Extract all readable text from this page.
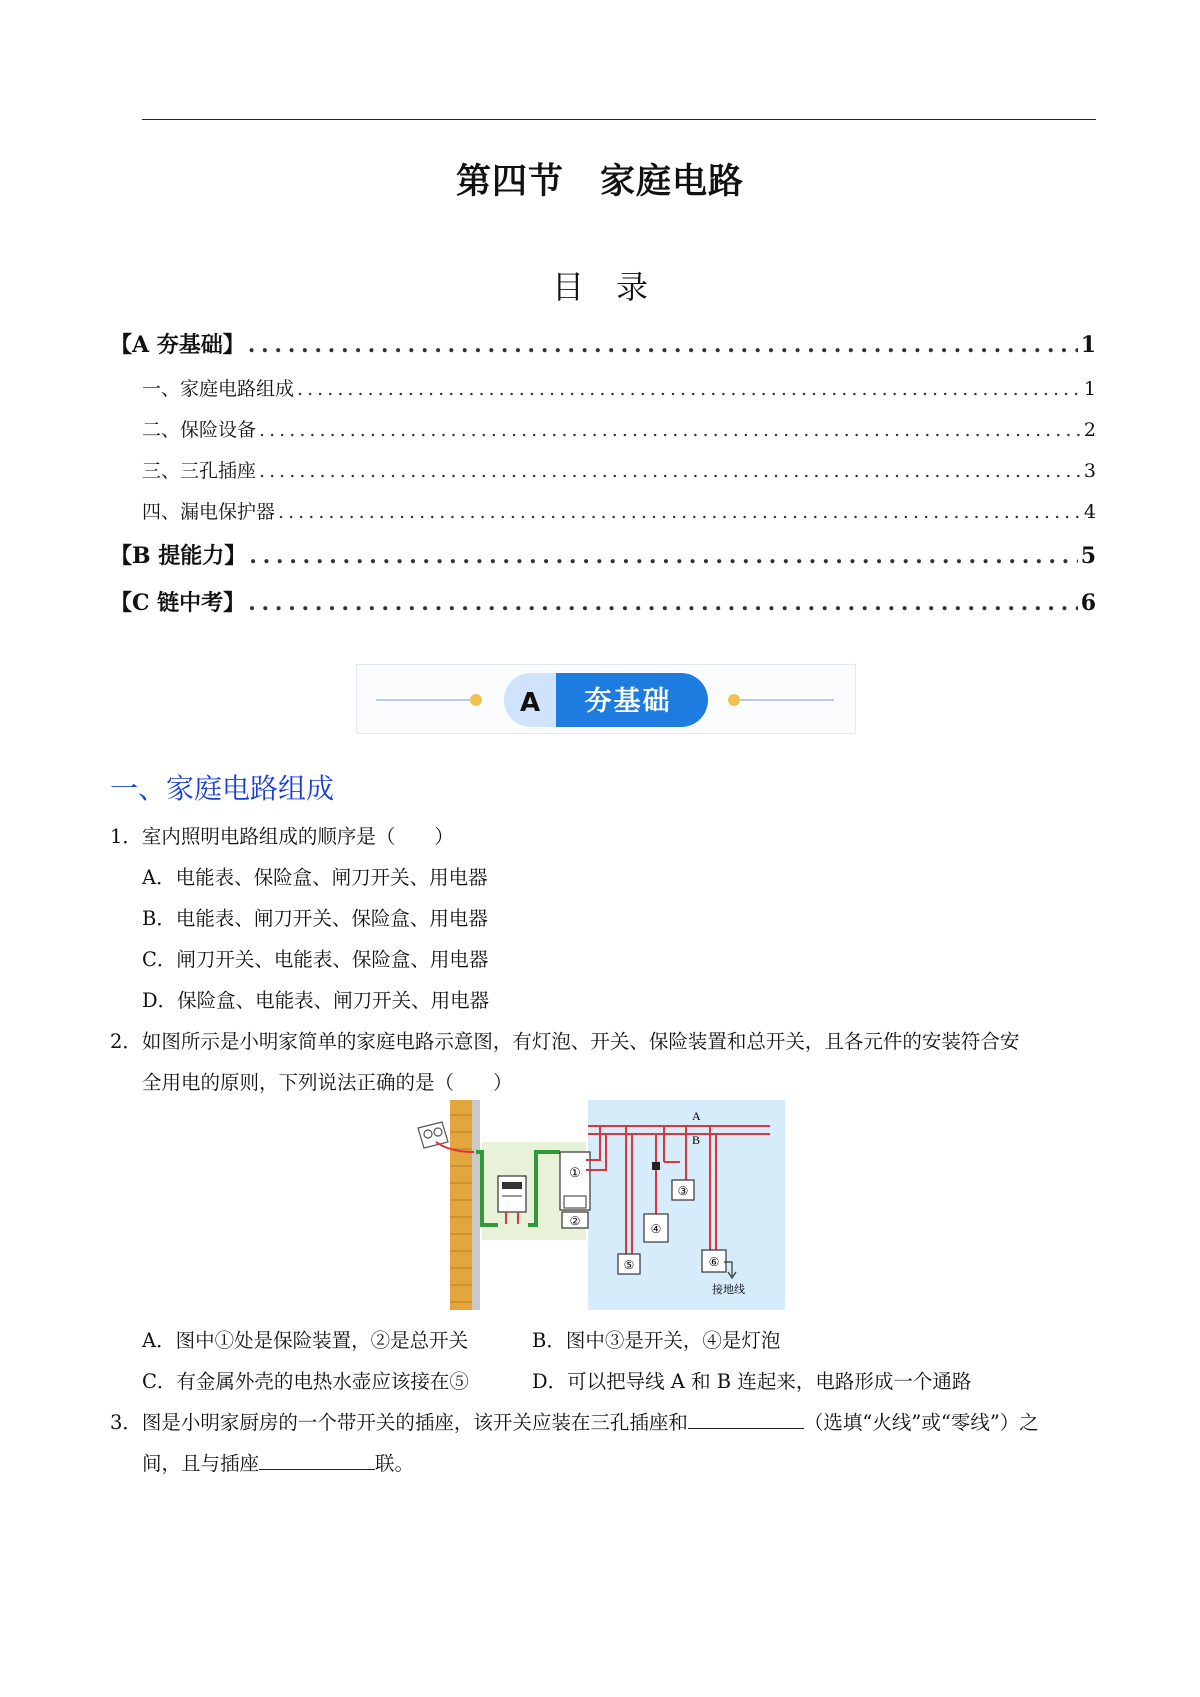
第四节　家庭电路
目　录
【A 夯基础】 . . .	1
一、家庭电路组成 . . .	1
二、保险设备 . . .	2
三、三孔插座 . . .	3
四、漏电保护器 . . .	4
【B 提能力】 . . .	5
【C 链中考】 . . .	6
A 夯基础
一、家庭电路组成
1．室内照明电路组成的顺序是（　　）
A．电能表、保险盒、闸刀开关、用电器
B．电能表、闸刀开关、保险盒、用电器
C．闸刀开关、电能表、保险盒、用电器
D．保险盒、电能表、闸刀开关、用电器
2．如图所示是小明家简单的家庭电路示意图，有灯泡、开关、保险装置和总开关，且各元件的安装符合安
全用电的原则，下列说法正确的是（　　）
①
②
A
B
③
④
⑤	⑥
接地线
A．图中①处是保险装置，②是总开关	B．图中③是开关，④是灯泡
C．有金属外壳的电热水壶应该接在⑤	D．可以把导线 A 和 B 连起来，电路形成一个通路
3．图是小明家厨房的一个带开关的插座，该开关应装在三孔插座和	（选填“火线”或“零线”）之
间，且与插座	联。
